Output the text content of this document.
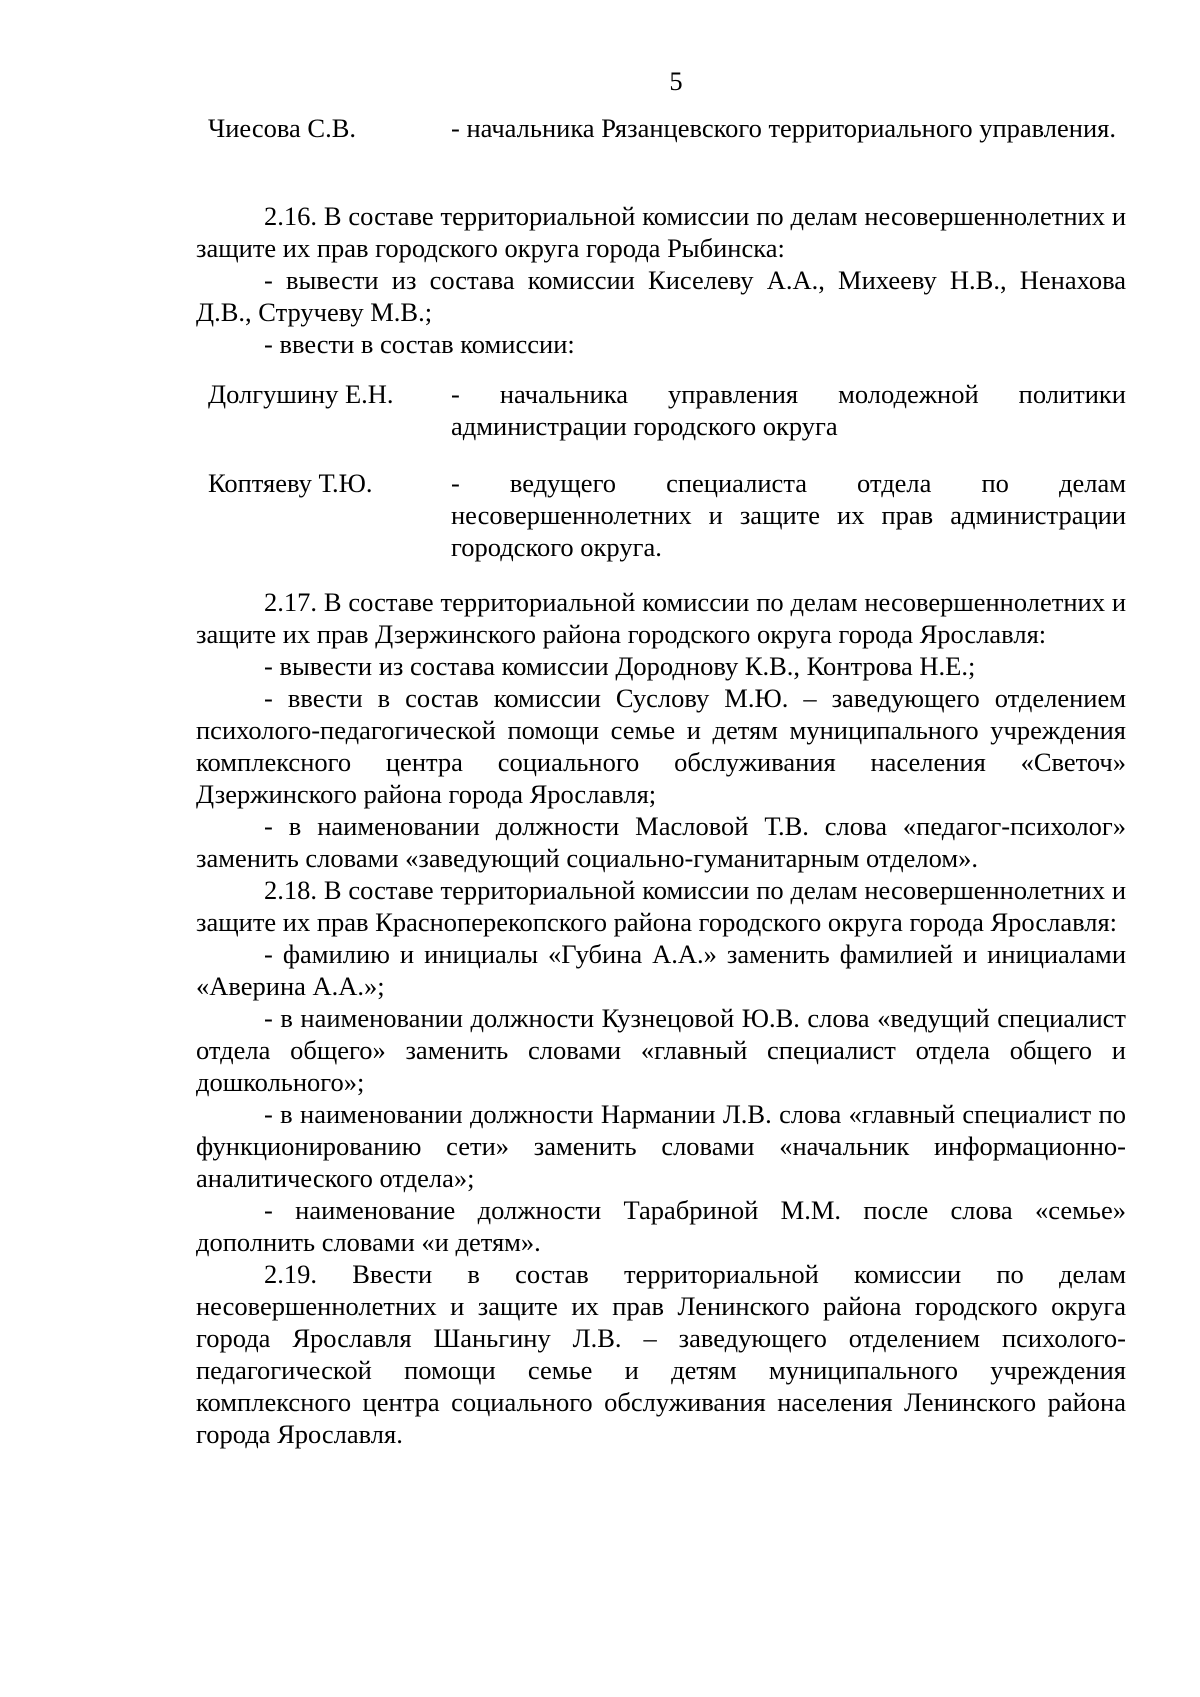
5
Чиесова С.В.	- начальника Рязанцевского территориального управления.

2.16. В составе территориальной комиссии по делам несовершеннолетних и защите их прав городского округа города Рыбинска:

- вывести из состава комиссии Киселеву А.А., Михееву Н.В., Ненахова Д.В., Стручеву М.В.;

- ввести в состав комиссии:

Долгушину Е.Н. - начальника управления молодежной политики администрации городского округа
Коптяеву Т.Ю.	- ведущего специалиста отдела по делам несовершеннолетних и защите их прав администрации городского округа.

2.17. В составе территориальной комиссии по делам несовершеннолетних и защите их прав Дзержинского района городского округа города Ярославля:

- вывести из состава комиссии Дороднову К.В., Контрова Н.Е.;

- ввести в состав комиссии Суслову М.Ю. – заведующего отделением психолого-педагогической помощи семье и детям муниципального учреждения комплексного центра социального обслуживания населения «Светоч» Дзержинского района города Ярославля;

- в наименовании должности Масловой Т.В. слова «педагог-психолог» заменить словами «заведующий социально-гуманитарным отделом».

2.18. В составе территориальной комиссии по делам несовершеннолетних и защите их прав Красноперекопского района городского округа города Ярославля:

- фамилию и инициалы «Губина А.А.» заменить фамилией и инициалами «Аверина А.А.»;

- в наименовании должности Кузнецовой Ю.В. слова «ведущий специалист отдела общего» заменить словами «главный специалист отдела общего и дошкольного»;

- в наименовании должности Нармании Л.В. слова «главный специалист по функционированию сети» заменить словами «начальник информационно-аналитического отдела»;

- наименование должности Тарабриной М.М. после слова «семье» дополнить словами «и детям».

2.19. Ввести в состав территориальной комиссии по делам несовершеннолетних и защите их прав Ленинского района городского округа города Ярославля Шаньгину Л.В. – заведующего отделением психолого-педагогической помощи семье и детям муниципального учреждения комплексного центра социального обслуживания населения Ленинского района города Ярославля.
